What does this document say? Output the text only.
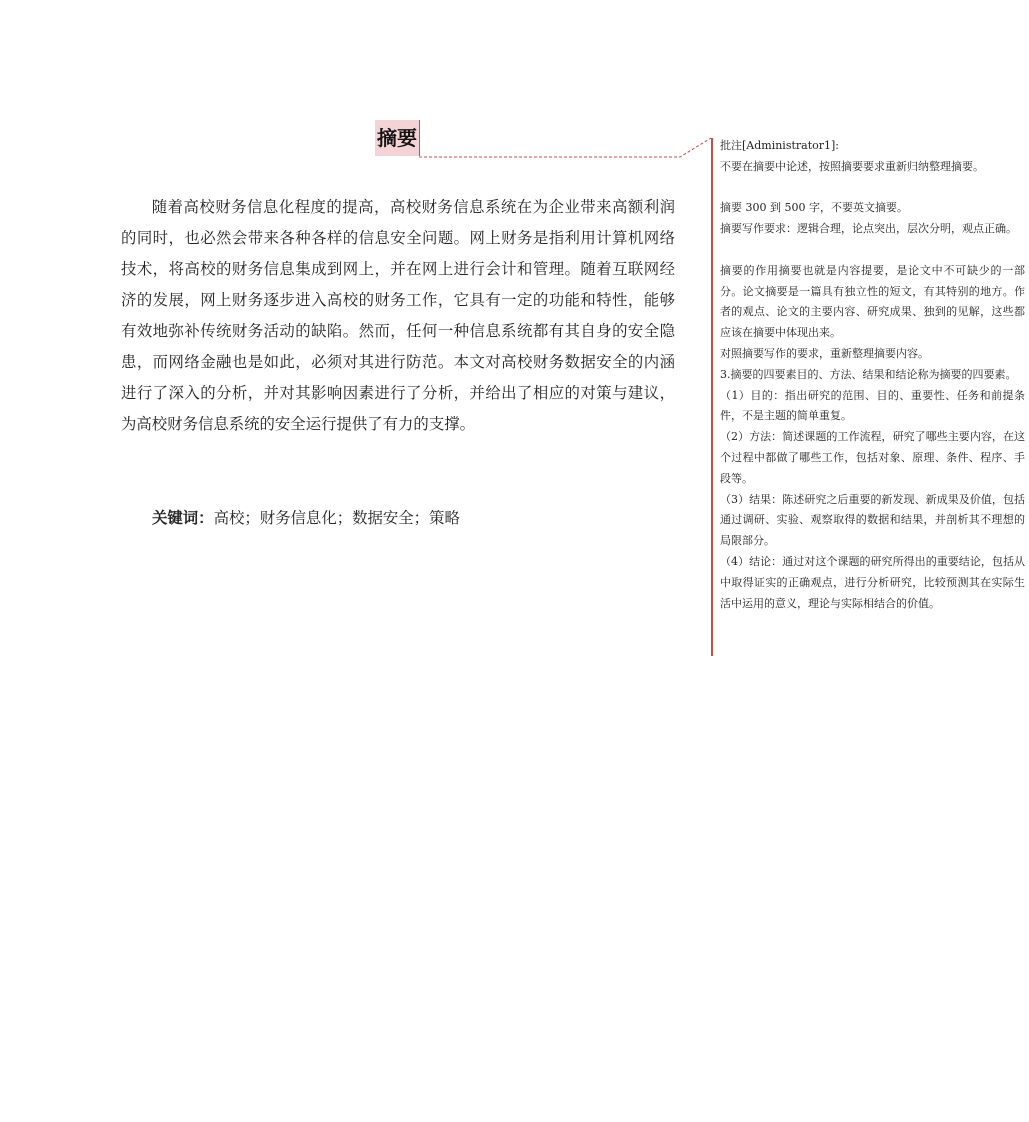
摘要

随着高校财务信息化程度的提高，高校财务信息系统在为企业带来高额利润的同时，也必然会带来各种各样的信息安全问题。网上财务是指利用计算机网络技术，将高校的财务信息集成到网上，并在网上进行会计和管理。随着互联网经济的发展，网上财务逐步进入高校的财务工作，它具有一定的功能和特性，能够有效地弥补传统财务活动的缺陷。然而，任何一种信息系统都有其自身的安全隐患，而网络金融也是如此，必须对其进行防范。本文对高校财务数据安全的内涵进行了深入的分析，并对其影响因素进行了分析，并给出了相应的对策与建议，为高校财务信息系统的安全运行提供了有力的支撑。

关键词：高校；财务信息化；数据安全；策略

批注[Administrator1]:

不要在摘要中论述，按照摘要要求重新归纳整理摘要。

摘要 300 到 500 字，不要英文摘要。

摘要写作要求：逻辑合理，论点突出，层次分明，观点正确。

摘要的作用摘要也就是内容提要，是论文中不可缺少的一部分。论文摘要是一篇具有独立性的短文，有其特别的地方。作者的观点、论文的主要内容、研究成果、独到的见解，这些都应该在摘要中体现出来。

对照摘要写作的要求，重新整理摘要内容。

3.摘要的四要素目的、方法、结果和结论称为摘要的四要素。

（1）目的：指出研究的范围、目的、重要性、任务和前提条件，不是主题的简单重复。

（2）方法：简述课题的工作流程，研究了哪些主要内容，在这个过程中都做了哪些工作，包括对象、原理、条件、程序、手段等。

（3）结果：陈述研究之后重要的新发现、新成果及价值，包括通过调研、实验、观察取得的数据和结果，并剖析其不理想的局限部分。

（4）结论：通过对这个课题的研究所得出的重要结论，包括从中取得证实的正确观点，进行分析研究，比较预测其在实际生活中运用的意义，理论与实际相结合的价值。
